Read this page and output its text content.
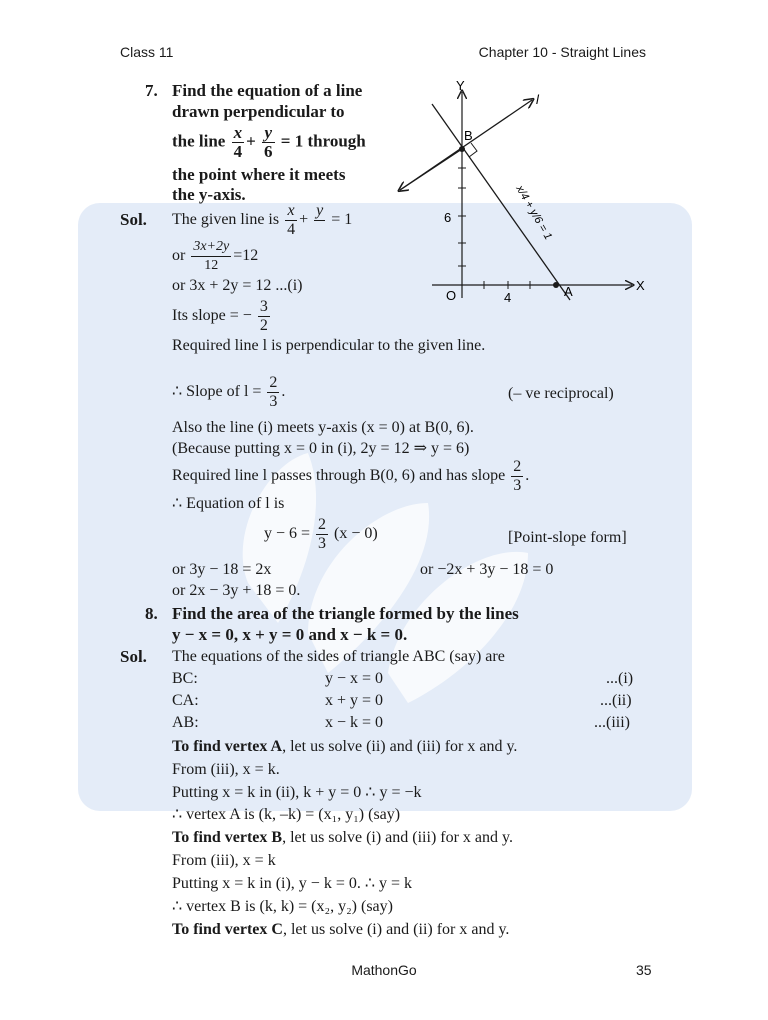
Class 11	Chapter 10 - Straight Lines
7. Find the equation of a line
drawn perpendicular to
the line $\frac{x}{4} + \frac{y}{6} = 1$ through
the point where it meets
the y-axis.
Y
X
O
l
B
A
6
4
x/4 + y/6 = 1
Sol. The given line is $\frac{x}{4}$ +
y

= 1
or $\frac{3x+2y}{12} =12$
or 3x + 2y = 12 ...(i)
Its slope = − $\frac{3}{2}$
Required line l is perpendicular to the given line.
∴ Slope of $l = \frac{2}{3}$ .	(– ve reciprocal)
Also the line (i) meets y-axis (x = 0) at B(0, 6).
(Because putting x = 0 in (i), 2y = 12 ⇒ y = 6)
Required line l passes through B(0, 6) and has slope $\frac{2}{3}$ .
∴ Equation of l is
$y - 6 = \frac{2}{3} (x - 0)$	[Point-slope form]
or 3y − 18 = 2x	or −2x + 3y − 18 = 0
or 2x − 3y + 18 = 0.
8. Find the area of the triangle formed by the lines
y − x = 0, x + y = 0 and x − k = 0.
Sol. The equations of the sides of triangle ABC (say) are
BC:	y − x = 0	...(i)
CA:	x + y = 0	...(ii)
AB:	x − k = 0	...(iii)
To find vertex A, let us solve (ii) and (iii) for x and y.
From (iii), x = k.
Putting x = k in (ii), k + y = 0 ∴ y = −k
∴ vertex A is (k, –k) = (x₁, y₁) (say)
To find vertex B, let us solve (i) and (iii) for x and y.
From (iii), x = k
Putting x = k in (i), y − k = 0. ∴ y = k
∴ vertex B is (k, k) = (x₂, y₂) (say)
To find vertex C, let us solve (i) and (ii) for x and y.
MathonGo	35
